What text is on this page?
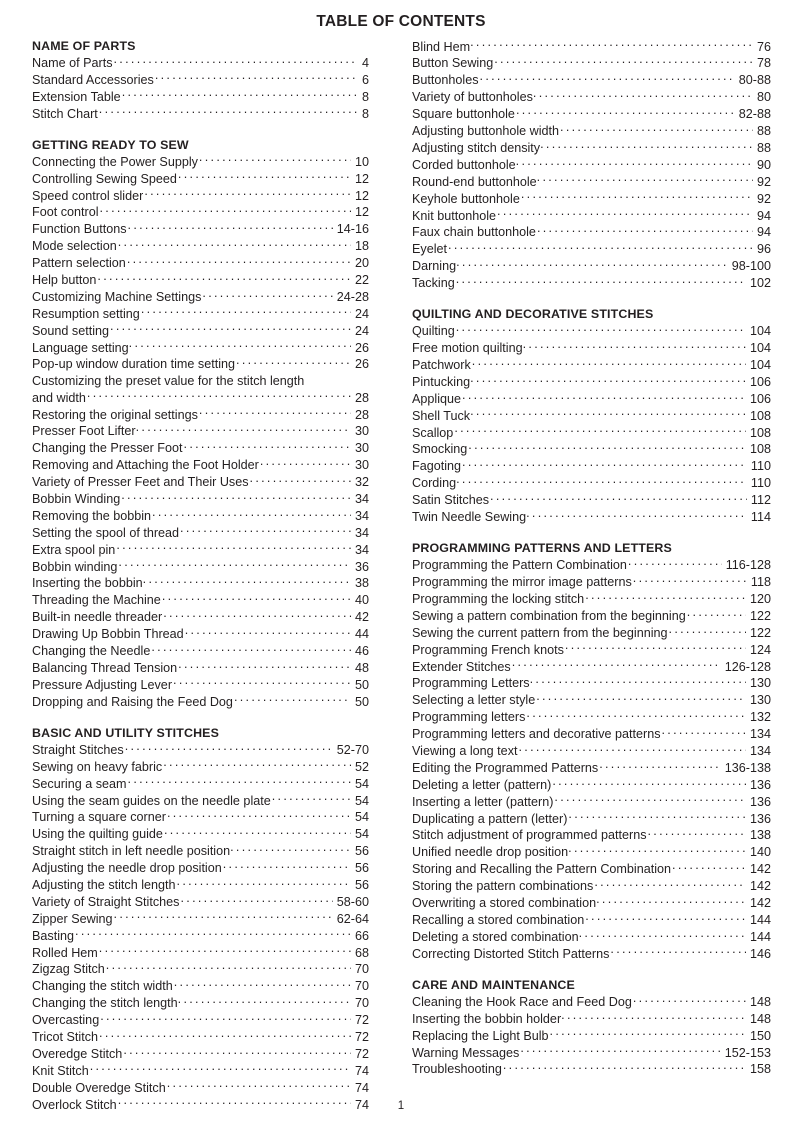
TABLE OF CONTENTS
NAME OF PARTS
Name of Parts . . .	4
Standard Accessories . . .	6
Extension Table . . .	8
Stitch Chart . . .	8
GETTING READY TO SEW
Connecting the Power Supply . . .	10
Controlling Sewing Speed . . .	12
Speed control slider . . .	12
Foot control . . .	12
Function Buttons . . .	14-16
Mode selection . . .	18
Pattern selection . . .	20
Help button . . .	22
Customizing Machine Settings . . .	24-28
Resumption setting . . .	24
Sound setting . . .	24
Language setting . . .	26
Pop-up window duration time setting . . .	26
Customizing the preset value for the stitch length
and width . . .	28
Restoring the original settings . . .	28
Presser Foot Lifter . . .	30
Changing the Presser Foot . . .	30
Removing and Attaching the Foot Holder . . .	30
Variety of Presser Feet and Their Uses . . .	32
Bobbin Winding . . .	34
Removing the bobbin . . .	34
Setting the spool of thread . . .	34
Extra spool pin . . .	34
Bobbin winding . . .	36
Inserting the bobbin . . .	38
Threading the Machine . . .	40
Built-in needle threader . . .	42
Drawing Up Bobbin Thread . . .	44
Changing the Needle . . .	46
Balancing Thread Tension . . .	48
Pressure Adjusting Lever . . .	50
Dropping and Raising the Feed Dog . . .	50
BASIC AND UTILITY STITCHES
Straight Stitches . . .	52-70
Sewing on heavy fabric . . .	52
Securing a seam . . .	54
Using the seam guides on the needle plate . . .	54
Turning a square corner . . .	54
Using the quilting guide . . .	54
Straight stitch in left needle position . . .	56
Adjusting the needle drop position . . .	56
Adjusting the stitch length . . .	56
Variety of Straight Stitches . . .	58-60
Zipper Sewing . . .	62-64
Basting . . .	66
Rolled Hem . . .	68
Zigzag Stitch . . .	70
Changing the stitch width . . .	70
Changing the stitch length . . .	70
Overcasting . . .	72
Tricot Stitch . . .	72
Overedge Stitch . . .	72
Knit Stitch . . .	74
Double Overedge Stitch . . .	74
Overlock Stitch . . .	74
Blind Hem . . .	76
Button Sewing . . .	78
Buttonholes . . .	80-88
Variety of buttonholes . . .	80
Square buttonhole . . .	82-88
Adjusting buttonhole width . . .	88
Adjusting stitch density . . .	88
Corded buttonhole . . .	90
Round-end buttonhole . . .	92
Keyhole buttonhole . . .	92
Knit buttonhole . . .	94
Faux chain buttonhole . . .	94
Eyelet . . .	96
Darning . . .	98-100
Tacking . . .	102
QUILTING AND DECORATIVE STITCHES
Quilting . . .	104
Free motion quilting . . .	104
Patchwork . . .	104
Pintucking . . .	106
Applique . . .	106
Shell Tuck . . .	108
Scallop . . .	108
Smocking . . .	108
Fagoting . . .	110
Cording . . .	110
Satin Stitches . . .	112
Twin Needle Sewing . . .	114
PROGRAMMING PATTERNS AND LETTERS
Programming the Pattern Combination . . .	116-128
Programming the mirror image patterns . . .	118
Programming the locking stitch . . .	120
Sewing a pattern combination from the beginning . . .	122
Sewing the current pattern from the beginning . . .	122
Programming French knots . . .	124
Extender Stitches . . .	126-128
Programming Letters . . .	130
Selecting a letter style . . .	130
Programming letters . . .	132
Programming letters and decorative patterns . . .	134
Viewing a long text . . .	134
Editing the Programmed Patterns . . .	136-138
Deleting a letter (pattern) . . .	136
Inserting a letter (pattern) . . .	136
Duplicating a pattern (letter) . . .	136
Stitch adjustment of programmed patterns . . .	138
Unified needle drop position . . .	140
Storing and Recalling the Pattern Combination . . .	142
Storing the pattern combinations . . .	142
Overwriting a stored combination . . .	142
Recalling a stored combination . . .	144
Deleting a stored combination . . .	144
Correcting Distorted Stitch Patterns . . .	146
CARE AND MAINTENANCE
Cleaning the Hook Race and Feed Dog . . .	148
Inserting the bobbin holder . . .	148
Replacing the Light Bulb . . .	150
Warning Messages . . .	152-153
Troubleshooting . . .	158
1
